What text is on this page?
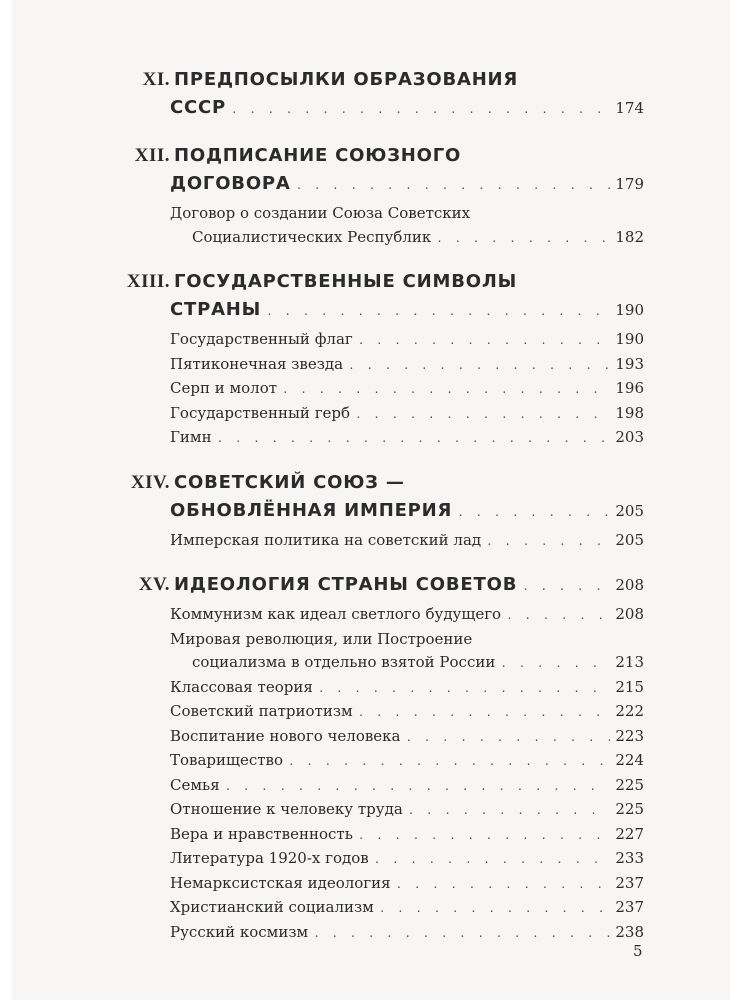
XI. ПРЕДПОСЫЛКИ ОБРАЗОВАНИЯ
СССР . . .	174
XII. ПОДПИСАНИЕ СОЮЗНОГО
ДОГОВОРА . . .	179
Договор о создании Союза Советских
Социалистических Республик . . .	182
XIII. ГОСУДАРСТВЕННЫЕ СИМВОЛЫ
СТРАНЫ . . .	190
Государственный флаг . . .	190
Пятиконечная звезда . . .	193
Серп и молот . . .	196
Государственный герб . . .	198
Гимн . . .	203
XIV. СОВЕТСКИЙ СОЮЗ —
ОБНОВЛЁННАЯ ИМПЕРИЯ . . .	205
Имперская политика на советский лад . . .	205
XV. ИДЕОЛОГИЯ СТРАНЫ СОВЕТОВ . . .	208
Коммунизм как идеал светлого будущего . . .	208
Мировая революция, или Построение
социализма в отдельно взятой России . . .	213
Классовая теория . . .	215
Советский патриотизм . . .	222
Воспитание нового человека . . .	223
Товарищество . . .	224
Семья . . .	225
Отношение к человеку труда . . .	225
Вера и нравственность . . .	227
Литература 1920-х годов . . .	233
Немарксистская идеология . . .	237
Христианский социализм . . .	237
Русский космизм . . .	238
5
